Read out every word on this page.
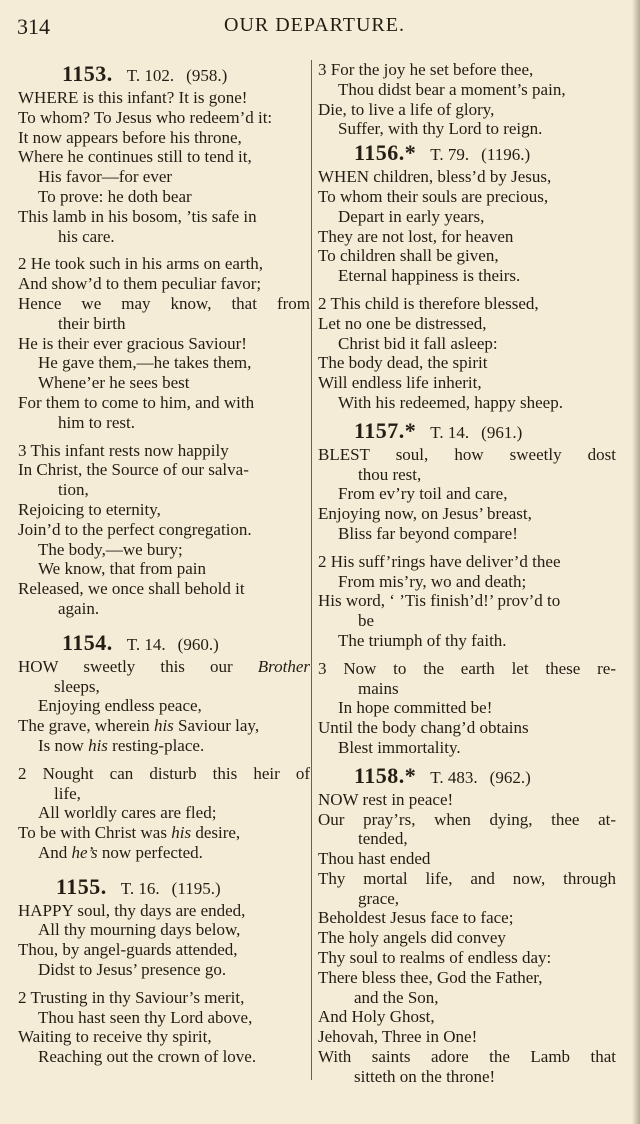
314	OUR DEPARTURE.
1153. T. 102. (958.)
WHERE is this infant? It is gone!
To whom? To Jesus who redeem’d it:
It now appears before his throne,
Where he continues still to tend it,
His favor—for ever
To prove: he doth bear
This lamb in his bosom, ’tis safe in
his care.
2 He took such in his arms on earth,
And show’d to them peculiar favor;
Hence we may know, that from
their birth
He is their ever gracious Saviour!
He gave them,—he takes them,
Whene’er he sees best
For them to come to him, and with
him to rest.
3 This infant rests now happily
In Christ, the Source of our salva-
tion,
Rejoicing to eternity,
Join’d to the perfect congregation.
The body,—we bury;
We know, that from pain
Released, we once shall behold it
again.
1154. T. 14. (960.)
HOW sweetly this our Brother
sleeps,
Enjoying endless peace,
The grave, wherein his Saviour lay,
Is now his resting-place.
2 Nought can disturb this heir of
life,
All worldly cares are fled;
To be with Christ was his desire,
And he’s now perfected.
1155. T. 16. (1195.)
HAPPY soul, thy days are ended,
All thy mourning days below,
Thou, by angel-guards attended,
Didst to Jesus’ presence go.
2 Trusting in thy Saviour’s merit,
Thou hast seen thy Lord above,
Waiting to receive thy spirit,
Reaching out the crown of love.
3 For the joy he set before thee,
Thou didst bear a moment’s pain,
Die, to live a life of glory,
Suffer, with thy Lord to reign.
1156.* T. 79. (1196.)
WHEN children, bless’d by Jesus,
To whom their souls are precious,
Depart in early years,
They are not lost, for heaven
To children shall be given,
Eternal happiness is theirs.
2 This child is therefore blessed,
Let no one be distressed,
Christ bid it fall asleep:
The body dead, the spirit
Will endless life inherit,
With his redeemed, happy sheep.
1157.* T. 14. (961.)
BLEST soul, how sweetly dost
thou rest,
From ev’ry toil and care,
Enjoying now, on Jesus’ breast,
Bliss far beyond compare!
2 His suff’rings have deliver’d thee
From mis’ry, wo and death;
His word, ‘ ’Tis finish’d!’ prov’d to
be
The triumph of thy faith.
3 Now to the earth let these re-
mains
In hope committed be!
Until the body chang’d obtains
Blest immortality.
1158.* T. 483. (962.)
NOW rest in peace!
Our pray’rs, when dying, thee at-
tended,
Thou hast ended
Thy mortal life, and now, through
grace,
Beholdest Jesus face to face;
The holy angels did convey
Thy soul to realms of endless day:
There bless thee, God the Father,
and the Son,
And Holy Ghost,
Jehovah, Three in One!
With saints adore the Lamb that
sitteth on the throne!
